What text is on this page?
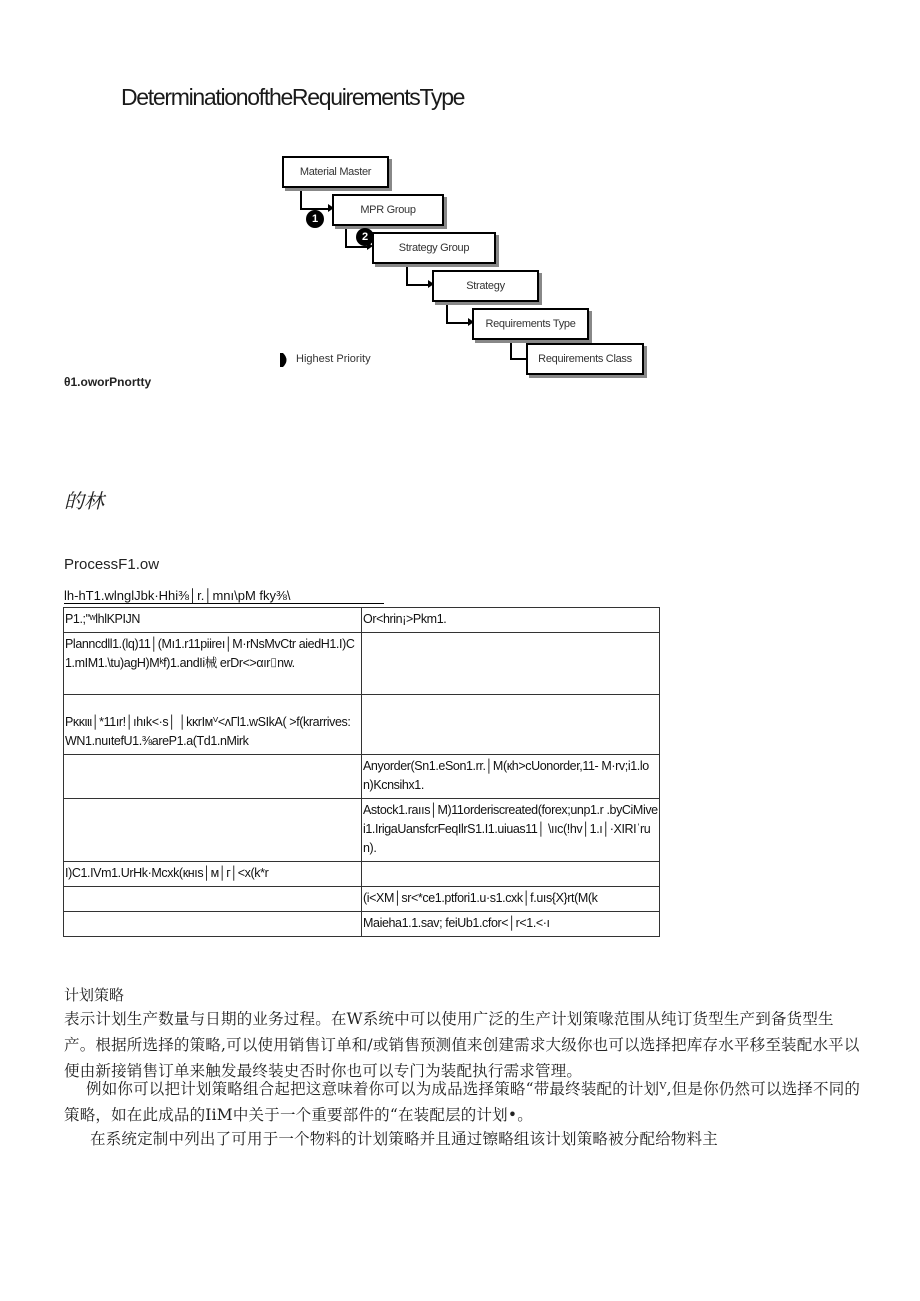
DeterminationoftheRequirementsType
Material Master
MPR Group
Strategy Group
Strategy
Requirements Type
Requirements Class
1
2
Highest Priority
θ1.oworPnortty
的林
ProcessF1.ow
lh-hT1.wlnglJbk·Hhi⅜│r.│mnı\pM fky⅜\
P1.;"ʷlhlKPIJN	Or<hrin¡>Pkm1.
Planncdll1.(lq)11│(Mı1.r11piireı│M·rNsMvCtr aiedH1.I)C1.mIM1.\tu)agH)Mᵏf)1.andIi械 erDr<>αır⌷nw.	
Pκκιιι│*11ır!│ıhık<·s│ │kκrIмⱽ<ʌΓl1.wSIkA( >f(krarrives:WN1.nuıtefU1.⅜areP1.a(Td1.nMirk	
	Anyorder(Sn1.eSon1.rr.│M(кh>cUonorder,11- M·rv;i1.lon)Kcnsihx1.
	Astock1.raııs│M)11orderiscreated(forex;unp1.r .byCiMivei1.IrigaUansfcrFeqIlrS1.I1.uiuas11│ \ııc(!hv│1.ı│·XIRIˈrun).
I)C1.IVm1.UrHk·Mcxk(кнıs│м│г│<x(k*r	
	(i<XM│sr<*ce1.ptfori1.u·s1.cxk│f.uıs{X}rt(M(k
	Maieha1.1.sav; feiUb1.cfor<│r<1.<·ı
计划策略
表示计划生产数量与日期的业务过程。在W系统中可以使用广泛的生产计划策喙范围从纯订货型生产到备货型生产。根据所选择的策略,可以使用销售订单和/或销售预测值来创建需求大级你也可以选择把库存水平移至装配水平以便由新接销售订单来触发最终装史否时你也可以专门为装配执行需求管理。
例如你可以把计划策略组合起把这意味着你可以为成品选择策略“带最终装配的计划ⱽ,但是你仍然可以选择不同的策略，如在此成品的IiM中关于一个重要部件的“在装配层的计划•。
在系统定制中列出了可用于一个物料的计划策略并且通过镲略组该计划策略被分配给物料主
